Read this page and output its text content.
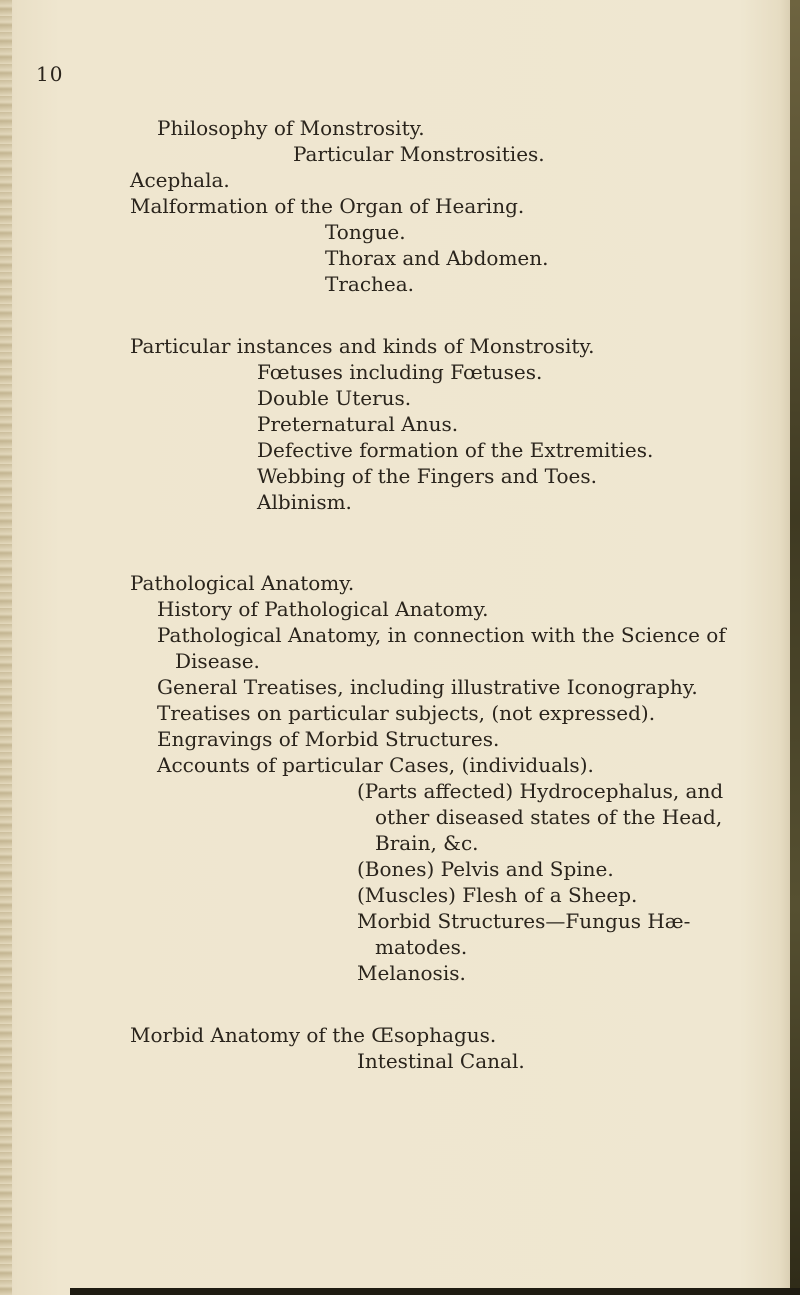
10
Philosophy of Monstrosity.
Particular Monstrosities.
Acephala.
Malformation of the Organ of Hearing.
Tongue.
Thorax and Abdomen.
Trachea.
Particular instances and kinds of Monstrosity.
Fœtuses including Fœtuses.
Double Uterus.
Preternatural Anus.
Defective formation of the Extremities.
Webbing of the Fingers and Toes.
Albinism.
Pathological Anatomy.
History of Pathological Anatomy.
Pathological Anatomy, in connection with the Science of
Disease.
General Treatises, including illustrative Iconography.
Treatises on particular subjects, (not expressed).
Engravings of Morbid Structures.
Accounts of particular Cases, (individuals).
(Parts affected) Hydrocephalus, and
other diseased states of the Head,
Brain, &c.
(Bones) Pelvis and Spine.
(Muscles) Flesh of a Sheep.
Morbid Structures—Fungus Hæ-
matodes.
Melanosis.
Morbid Anatomy of the Œsophagus.
Intestinal Canal.
